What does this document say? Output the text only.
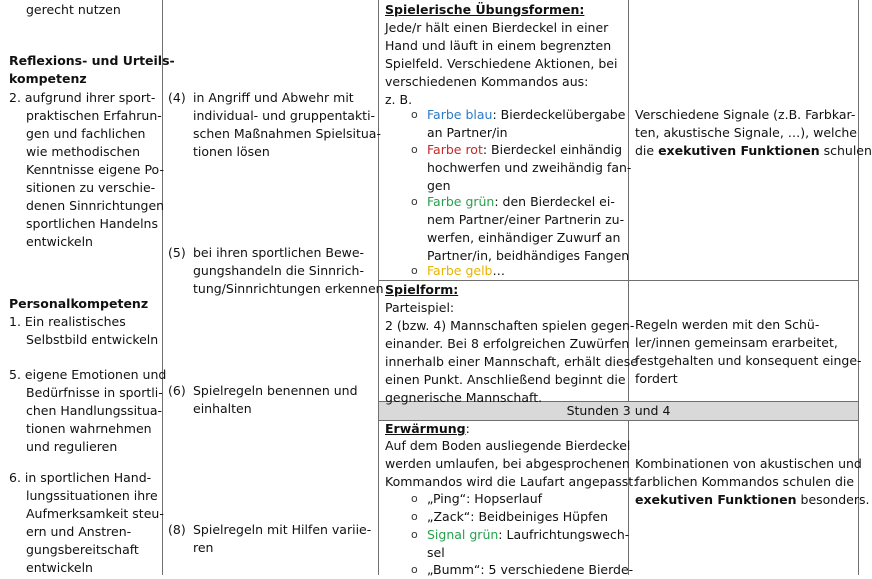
gerecht nutzen
Reflexions- und Urteils-
kompetenz
2. aufgrund ihrer sport-
praktischen Erfahrun-
gen und fachlichen
wie methodischen
Kenntnisse eigene Po-
sitionen zu verschie-
denen Sinnrichtungen
sportlichen Handelns
entwickeln
Personalkompetenz
1. Ein realistisches
Selbstbild entwickeln
5. eigene Emotionen und
Bedürfnisse in sportli-
chen Handlungssitua-
tionen wahrnehmen
und regulieren
6. in sportlichen Hand-
lungssituationen ihre
Aufmerksamkeit steu-
ern und Anstren-
gungsbereitschaft
entwickeln
(4) in Angriff und Abwehr mit
individual- und gruppentakti-
schen Maßnahmen Spielsitua-
tionen lösen
(5) bei ihren sportlichen Bewe-
gungshandeln die Sinnrich-
tung/Sinnrichtungen erkennen
(6) Spielregeln benennen und
einhalten
(8) Spielregeln mit Hilfen variie-
ren
Spielerische Übungsformen:
Jede/r hält einen Bierdeckel in einer
Hand und läuft in einem begrenzten
Spielfeld. Verschiedene Aktionen, bei
verschiedenen Kommandos aus:
z. B.
o Farbe blau: Bierdeckelübergabe
an Partner/in
o Farbe rot: Bierdeckel einhändig
hochwerfen und zweihändig fan-
gen
o Farbe grün: den Bierdeckel ei-
nem Partner/einer Partnerin zu-
werfen, einhändiger Zuwurf an
Partner/in, beidhändiges Fangen
o Farbe gelb…
Spielform:
Parteispiel:
2 (bzw. 4) Mannschaften spielen gegen-
einander. Bei 8 erfolgreichen Zuwürfen
innerhalb einer Mannschaft, erhält diese
einen Punkt. Anschließend beginnt die
gegnerische Mannschaft.
Stunden 3 und 4
Erwärmung:
Auf dem Boden ausliegende Bierdeckel
werden umlaufen, bei abgesprochenen
Kommandos wird die Laufart angepasst:
o „Ping“: Hopserlauf
o „Zack“: Beidbeiniges Hüpfen
o Signal grün: Laufrichtungswech-
sel
o „Bumm“: 5 verschiedene Bierde-
Verschiedene Signale (z.B. Farbkar-
ten, akustische Signale, …), welche
die exekutiven Funktionen schulen
Regeln werden mit den Schü-
ler/innen gemeinsam erarbeitet,
festgehalten und konsequent einge-
fordert
Kombinationen von akustischen und
farblichen Kommandos schulen die
exekutiven Funktionen besonders.
